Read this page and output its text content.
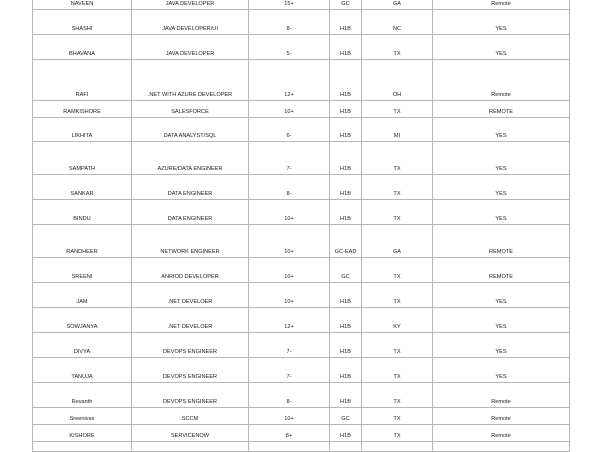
NAVEEN	JAVA DEVELOPER	15+	GC	GA	Remote
SHASHI	JAVA DEVELOPER/UI	8-	H1B	NC	YES
BHAVANA	JAVA DEVELOPER	5-	H1B	TX	YES
RAFI	.NET WITH AZURE DEVELOPER	12+	H1B	OH	Remote
RAMKISHORE	SALESFORCE	10+	H1B	TX	REMOTE
LIKHITA	DATA ANALYST/SQL	6-	H1B	MI	YES
SAMPATH	AZURE/DATA ENGINEER	7-	H1B	TX	YES
SANKAR	DATA ENGINEER	8-	H1B	TX	YES
BINDU	DATA ENGINEER	10+	H1B	TX	YES
RANDHEER	NETWORK ENGINEER	10+	GC-EAD	GA	REMOTE
SREENI	ANRIOD DEVELOPER	10+	GC	TX	REMOTE
JAM	.NET DEVELOER	10+	H1B	TX	YES
SOWJANYA	.NET DEVELOER	12+	H1B	KY	YES
DIVYA	DEVOPS ENGINEER	7-	H1B	TX	YES
TANUJA	DEVOPS ENGINEER	7-	H1B	TX	YES
Revanth	DEVOPS ENGINEER	8-	H1B	TX	Remote
Sreenivas	SCCM	10+	GC	TX	Remote
KISHORE	SERVICENOW	8+	H1B	TX	Remote
